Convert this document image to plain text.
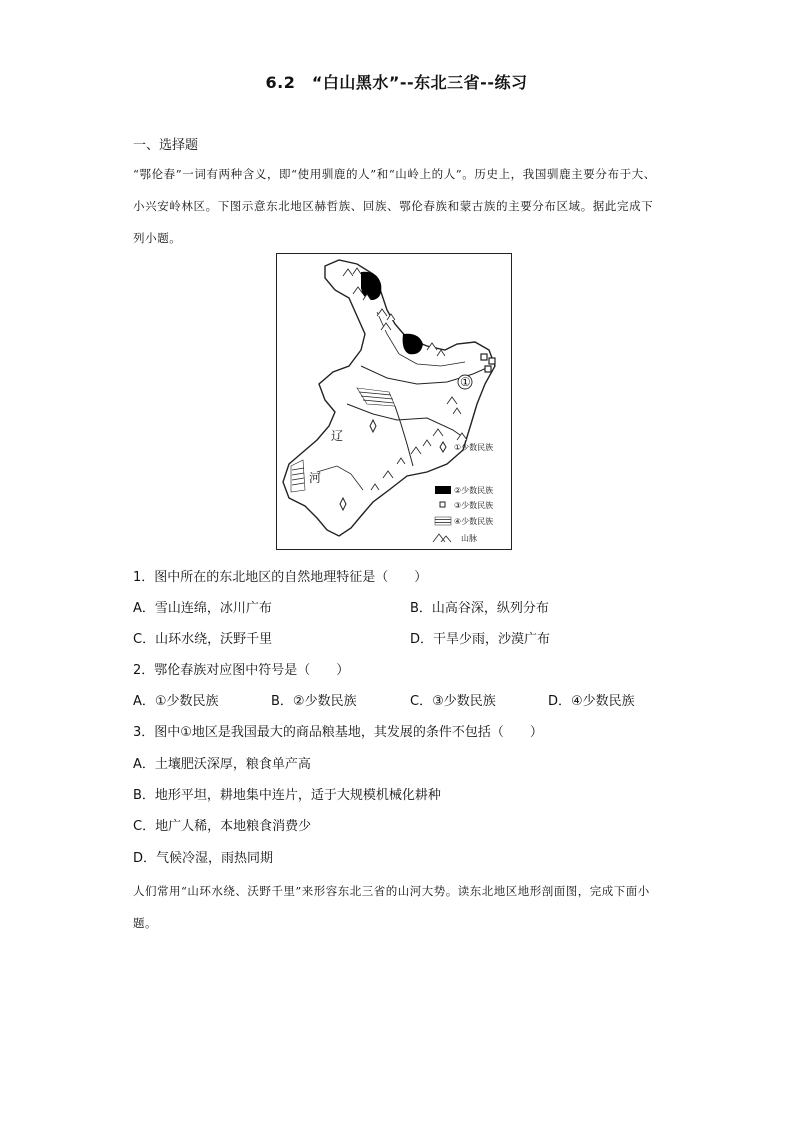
6.2　“白山黑水”--东北三省--练习
一、选择题
“鄂伦春”一词有两种含义，即“使用驯鹿的人”和“山岭上的人”。历史上，我国驯鹿主要分布于大、小兴安岭林区。下图示意东北地区赫哲族、回族、鄂伦春族和蒙古族的主要分布区域。据此完成下列小题。
①
辽
河
①少数民族
②少数民族
③少数民族
④少数民族
山脉
1．图中所在的东北地区的自然地理特征是（　　）
A．雪山连绵，冰川广布	B．山高谷深，纵列分布
C．山环水绕，沃野千里	D．干旱少雨，沙漠广布
2．鄂伦春族对应图中符号是（　　）
A．①少数民族	B．②少数民族	C．③少数民族	D．④少数民族
3．图中①地区是我国最大的商品粮基地，其发展的条件不包括（　　）
A．土壤肥沃深厚，粮食单产高
B．地形平坦，耕地集中连片，适于大规模机械化耕种
C．地广人稀，本地粮食消费少
D．气候冷湿，雨热同期
人们常用“山环水绕、沃野千里”来形容东北三省的山河大势。读东北地区地形剖面图，完成下面小题。
